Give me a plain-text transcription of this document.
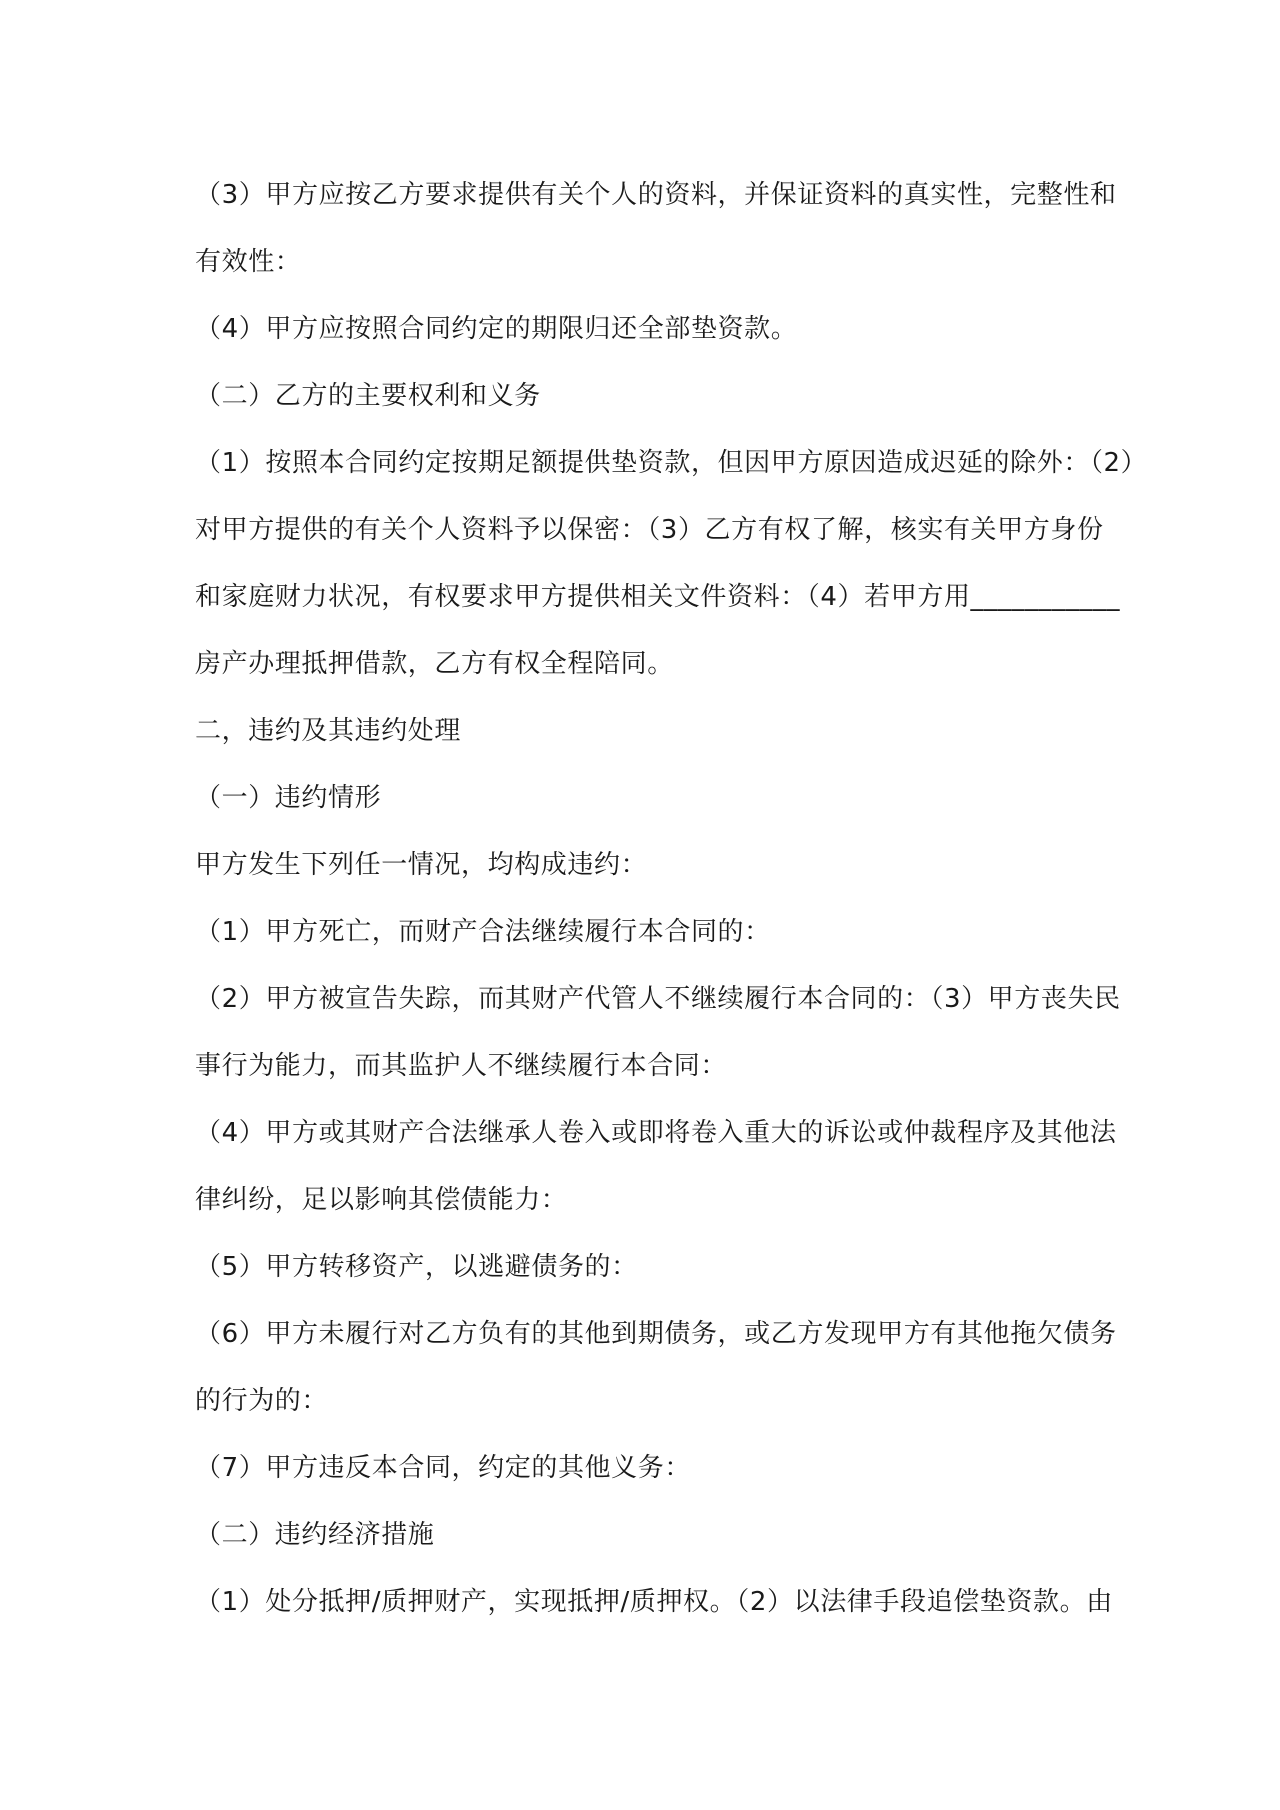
（3）甲方应按乙方要求提供有关个人的资料，并保证资料的真实性，完整性和
有效性：
（4）甲方应按照合同约定的期限归还全部垫资款。
（二）乙方的主要权利和义务
（1）按照本合同约定按期足额提供垫资款，但因甲方原因造成迟延的除外：（2）
对甲方提供的有关个人资料予以保密：（3）乙方有权了解，核实有关甲方身份
和家庭财力状况，有权要求甲方提供相关文件资料：（4）若甲方用___________
房产办理抵押借款，乙方有权全程陪同。
二，违约及其违约处理
（一）违约情形
甲方发生下列任一情况，均构成违约：
（1）甲方死亡，而财产合法继续履行本合同的：
（2）甲方被宣告失踪，而其财产代管人不继续履行本合同的：（3）甲方丧失民
事行为能力，而其监护人不继续履行本合同：
（4）甲方或其财产合法继承人卷入或即将卷入重大的诉讼或仲裁程序及其他法
律纠纷，足以影响其偿债能力：
（5）甲方转移资产，以逃避债务的：
（6）甲方未履行对乙方负有的其他到期债务，或乙方发现甲方有其他拖欠债务
的行为的：
（7）甲方违反本合同，约定的其他义务：
（二）违约经济措施
（1）处分抵押/质押财产，实现抵押/质押权。（2）以法律手段追偿垫资款。由
